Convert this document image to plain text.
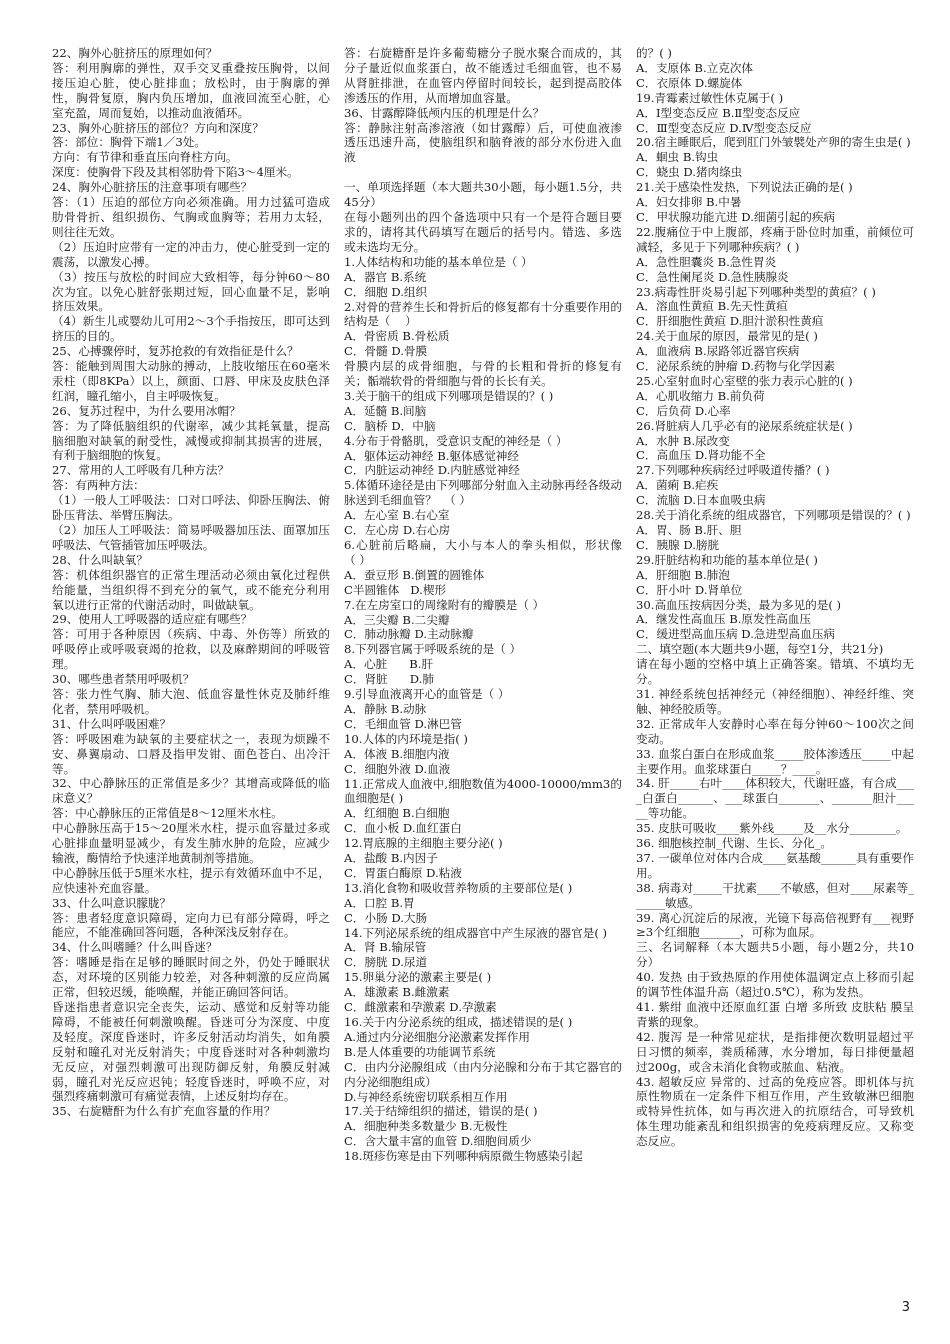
22、胸外心脏挤压的原理如何？

答：利用胸廓的弹性，双手交叉重叠按压胸骨，以间接压迫心脏，使心脏排血；放松时，由于胸廓的弹性，胸骨复原，胸内负压增加，血液回流至心脏，心室充盈，周而复始，以推动血液循环。

23、胸外心脏挤压的部位？方向和深度？

答：部位：胸骨下端1／3处。

方向：有节律和垂直压向脊柱方向。

深度：使胸骨下段及其相邻肋骨下陷3～4厘米。

24、胸外心脏挤压的注意事项有哪些？

答：（1）压迫的部位方向必须准确。用力过猛可造成肋骨骨折、组织损伤、气胸或血胸等；若用力太轻，则往往无效。

（2）压迫时应带有一定的冲击力，使心脏受到一定的震荡，以激发心搏。

（3）按压与放松的时间应大致相等，每分钟60～80次为宜。以免心脏舒张期过短，回心血量不足，影响挤压效果。

（4）新生儿或婴幼儿可用2～3个手指按压，即可达到挤压的目的。

25、心搏骤停时，复苏抢救的有效指征是什么？

答：能触到周围大动脉的搏动，上肢收缩压在60毫米汞柱（即8KPa）以上，颜面、口唇、甲床及皮肤色泽红润，瞳孔缩小，自主呼吸恢复。

26、复苏过程中，为什么要用冰帽？

答：为了降低脑组织的代谢率，减少其耗氧量，提高脑细胞对缺氧的耐受性，减慢或抑制其损害的进展，有利于脑细胞的恢复。

27、常用的人工呼吸有几种方法？

答：有两种方法：

（1）一般人工呼吸法：口对口呼法、仰卧压胸法、俯卧压背法、举臂压胸法。

（2）加压人工呼吸法：简易呼吸器加压法、面罩加压呼吸法、气管插管加压呼吸法。

28、什么叫缺氧？

答：机体组织器官的正常生理活动必须由氧化过程供给能量，当组织得不到充分的氧气，或不能充分利用氧以进行正常的代谢活动时，叫做缺氧。

29、使用人工呼吸器的适应症有哪些？

答：可用于各种原因（疾病、中毒、外伤等）所致的呼吸停止或呼吸衰竭的抢救，以及麻醉期间的呼吸管理。

30、哪些患者禁用呼吸机？

答：张力性气胸、肺大泡、低血容量性休克及肺纤维化者，禁用呼吸机。

31、什么叫呼吸困难？

答：呼吸困难为缺氧的主要症状之一，表现为烦躁不安、鼻翼扇动、口唇及指甲发钳、面色苍白、出冷汗等。

32、中心静脉压的正常值是多少？其增高或降低的临床意义？

答：中心静脉压的正常值是8～12厘米水柱。

中心静脉压高于15～20厘米水柱，提示血容量过多或心脏排血量明显减少，有发生肺水肿的危险，应减少输液，酶情给予快速洋地黄制剂等措施。

中心静脉压低于5厘米水柱，提示有效循环血中不足，应快速补充血容量。

33、什么叫意识朦胧？

答：患者轻度意识障碍，定向力已有部分障碍，呼之能应，不能准确回答问题，各种深浅反射存在。

34、什么叫嗜睡？什么叫昏迷？

答：嗜睡是指在足够的睡眠时间之外，仍处于睡眠状态，对环境的区别能力较差，对各种刺激的反应尚属正常，但较迟缓，能唤醒，并能正确回答问话。

昏迷指患者意识完全丧失，运动、感觉和反射等功能障碍，不能被任何刺激唤醒。昏迷可分为深度、中度及轻度。深度昏迷时，许多反射活动均消失，如角膜反射和瞳孔对光反射消失；中度昏迷时对各种刺激均无反应，对强烈刺激可出现防御反射，角膜反射减弱，瞳孔对光反应迟钝；轻度昏迷时，呼唤不应，对强烈疼痛刺激可有痛觉表情，上述反射均存在。

35、右旋糖酐为什么有扩充血容量的作用？

答：右旋糖酐是许多葡萄糖分子脱水聚合而成的，其分子量近似血浆蛋白，故不能透过毛细血管，也不易从肾脏排泄，在血管内停留时间较长，起到提高胶体渗透压的作用，从而增加血容量。

36、甘露醇降低颅内压的机理是什么？

答：静脉注射高渗溶液（如甘露醇）后，可使血液渗透压迅速升高，使脑组织和脑脊液的部分水份进入血液

一、单项选择题（本大题共30小题，每小题1.5分，共45分）

在每小题列出的四个备选项中只有一个是符合题目要求的，请将其代码填写在题后的括号内。错选、多选或未选均无分。

1.人体结构和功能的基本单位是（ ）

A．器官 B.系统

C．细胞 D.组织

2.对骨的营养生长和骨折后的修复都有十分重要作用的结构是（    ）

A．骨密质 B.骨松质

C．骨髓 D.骨膜

骨膜内层的成骨细胞，与骨的长粗和骨折的修复有关；骺端软骨的骨细胞与骨的长长有关。

3.关于脑干的组成下列哪项是错误的？( )

A．延髓 B.间脑

C．脑桥 D．中脑

4.分布于骨骼肌，受意识支配的神经是（ ）

A．躯体运动神经 B.躯体感觉神经

C．内脏运动神经 D.内脏感觉神经

5.体循环途径是由下列哪部分射血入主动脉再经各级动脉送到毛细血管？  （ ）

A．左心室 B.右心室

C．左心房 D.右心房

6.心脏前后略扁，大小与本人的拳头相似，形状像              （ ）

A．蚕豆形 B.倒置的圆锥体

C半圆锥体   D.楔形

7.在左房室口的周缘附有的瓣膜是（ ）

A．三尖瓣 B.二尖瓣

C．肺动脉瓣 D.主动脉瓣

8.下列器官属于呼吸系统的是（ ）

A．心脏      B.肝

C．肾脏      D.肺

9.引导血液离开心的血管是（ ）

A．静脉 B.动脉

C．毛细血管 D.淋巴管

10.人体的内环境是指( )

A．体液 B.细胞内液

C．细胞外液 D.血液

11.正常成人血液中,细胞数值为4000-10000/mm3的血细胞是( )

A．红细胞 B.白细胞

C．血小板 D.血红蛋白

12.胃底腺的主细胞主要分泌( )

A．盐酸 B.内因子

C．胃蛋白酶原 D.粘液

13.消化食物和吸收营养物质的主要部位是( )

A．口腔 B.胃

C．小肠 D.大肠

14.下列泌尿系统的组成器官中产生尿液的器官是( )

A．肾 B.输尿管

C．膀胱 D.尿道

15.卵巢分泌的激素主要是( )

A．雄激素 B.雌激素

C．雌激素和孕激素 D.孕激素

16.关于内分泌系统的组成，描述错误的是( )

A.通过内分泌细胞分泌激素发挥作用

B.是人体重要的功能调节系统

C．由内分泌腺组成（由内分泌腺和分布于其它器官的内分泌细胞组成）

D.与神经系统密切联系相互作用

17.关于结缔组织的描述，错误的是( )

A．细胞种类多数量少 B.无极性

C．含大量丰富的血管 D.细胞间质少

18.斑疹伤寒是由下列哪种病原微生物感染引起

的？( )

A．支原体 B.立克次体

C．衣原体 D.螺旋体

19.青霉素过敏性休克属于( )

A．Ⅰ型变态反应 B.Ⅱ型变态反应

C．Ⅲ型变态反应 D.Ⅳ型变态反应

20.宿主睡眠后，爬到肛门外皱襞处产卵的寄生虫是( )

A．蛔虫 B.钩虫

C．蛲虫 D.猪肉绦虫

21.关于感染性发热，下列说法正确的是( )

A．妇女排卵 B.中暑

C．甲状腺功能亢进 D.细菌引起的疾病

22.腹痛位于中上腹部，疼痛于卧位时加重，前倾位可减轻，多见于下列哪种疾病？( )

A．急性胆囊炎 B.急性胃炎

C．急性阑尾炎 D.急性胰腺炎

23.病毒性肝炎易引起下列哪种类型的黄疸？( )

A．溶血性黄疸 B.先天性黄疸

C．肝细胞性黄疸 D.胆汁淤积性黄疸

24.关于血尿的原因，最常见的是( )

A．血液病 B.尿路邻近器官疾病

C．泌尿系统的肿瘤 D.药物与化学因素

25.心室射血时心室壁的张力表示心脏的( )

A．心肌收缩力 B.前负荷

C．后负荷 D.心率

26.肾脏病人几乎必有的泌尿系统症状是( )

A．水肿 B.尿改变

C．高血压 D.肾功能不全

27.下列哪种疾病经过呼吸道传播？( )

A．菌痢 B.疟疾

C．流脑 D.日本血吸虫病

28.关于消化系统的组成器官，下列哪项是错误的？( )

A．胃、肠 B.肝、胆

C．胰腺 D.膀胱

29.肝脏结构和功能的基本单位是( )

A．肝细胞 B.肺泡

C．肝小叶 D.肾单位

30.高血压按病因分类，最为多见的是( )

A．继发性高血压 B.原发性高血压

C．缓进型高血压病 D.急进型高血压病

二、填空题(本大题共9小题，每空1分，共21分)

请在每小题的空格中填上正确答案。错填、不填均无分。

31. 神经系统包括神经元（神经细胞）、神经纤维、突触、神经胶质等。

32. 正常成年人安静时心率在每分钟60～100次之间变动。

33. 血浆白蛋白在形成血浆_____胶体渗透压_____中起主要作用。血浆球蛋白_____？____。

34. 肝_____右叶____体积较大，代谢旺盛，有合成____白蛋白______、___球蛋白_______、_______胆汁_____等功能。

35. 皮肤可吸收____紫外线_____及__水分________。

36. 细胞核控制_代谢、生长、分化_。

37. 一碳单位对体内合成____氨基酸______具有重要作用。

38. 病毒对_____干扰素____不敏感，但对____尿素等______敏感。

39. 离心沉淀后的尿液，光镜下每高倍视野有___视野≥3个红细胞_______，可称为血尿。

三、名词解释（本大题共5小题，每小题2分，共10分）

40. 发热 由于致热原的作用使体温调定点上移而引起的调节性体温升高（超过0.5℃），称为发热。

41. 紫绀 血液中还原血红蛋 白增 多所致 皮肤粘 膜呈青紫的现象。

42. 腹泻 是一种常见症状，是指排便次数明显超过平日习惯的频率，粪质稀薄，水分增加，每日排便量超过200g，或含未消化食物或脓血、粘液。

43. 超敏反应 异常的、过高的免疫应答。即机体与抗原性物质在一定条件下相互作用，产生致敏淋巴细胞或特异性抗体，如与再次进入的抗原结合，可导致机体生理功能紊乱和组织损害的免疫病理反应。又称变态反应。

3
